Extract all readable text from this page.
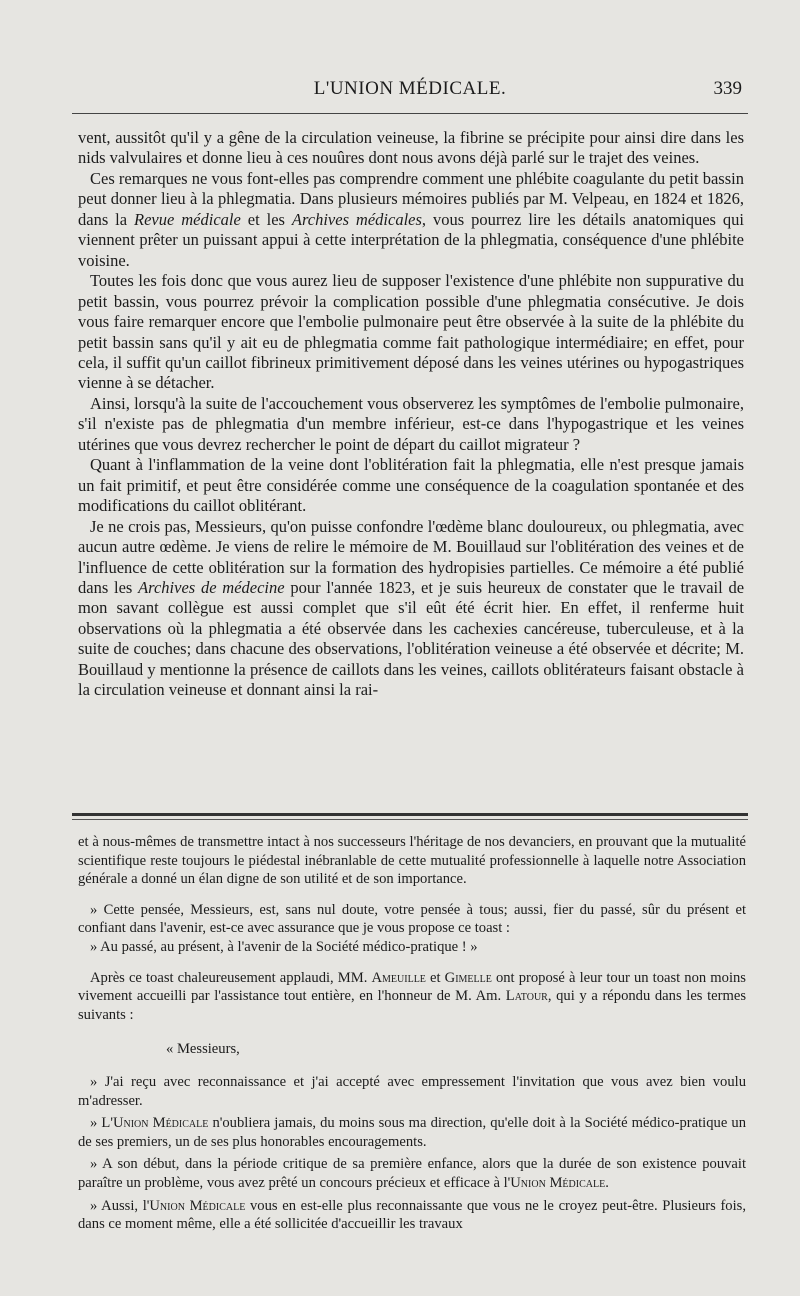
L'UNION MÉDICALE.	339

vent, aussitôt qu'il y a gêne de la circulation veineuse, la fibrine se précipite pour ainsi dire dans les nids valvulaires et donne lieu à ces nouûres dont nous avons déjà parlé sur le trajet des veines.

Ces remarques ne vous font-elles pas comprendre comment une phlébite coagulante du petit bassin peut donner lieu à la phlegmatia. Dans plusieurs mémoires publiés par M. Velpeau, en 1824 et 1826, dans la Revue médicale et les Archives médicales, vous pourrez lire les détails anatomiques qui viennent prêter un puissant appui à cette interprétation de la phlegmatia, conséquence d'une phlébite voisine.

Toutes les fois donc que vous aurez lieu de supposer l'existence d'une phlébite non suppurative du petit bassin, vous pourrez prévoir la complication possible d'une phlegmatia consécutive. Je dois vous faire remarquer encore que l'embolie pulmonaire peut être observée à la suite de la phlébite du petit bassin sans qu'il y ait eu de phlegmatia comme fait pathologique intermédiaire; en effet, pour cela, il suffit qu'un caillot fibrineux primitivement déposé dans les veines utérines ou hypogastriques vienne à se détacher.

Ainsi, lorsqu'à la suite de l'accouchement vous observerez les symptômes de l'embolie pulmonaire, s'il n'existe pas de phlegmatia d'un membre inférieur, est-ce dans l'hypogastrique et les veines utérines que vous devrez rechercher le point de départ du caillot migrateur ?

Quant à l'inflammation de la veine dont l'oblitération fait la phlegmatia, elle n'est presque jamais un fait primitif, et peut être considérée comme une conséquence de la coagulation spontanée et des modifications du caillot oblitérant.

Je ne crois pas, Messieurs, qu'on puisse confondre l'œdème blanc douloureux, ou phlegmatia, avec aucun autre œdème. Je viens de relire le mémoire de M. Bouillaud sur l'oblitération des veines et de l'influence de cette oblitération sur la formation des hydropisies partielles. Ce mémoire a été publié dans les Archives de médecine pour l'année 1823, et je suis heureux de constater que le travail de mon savant collègue est aussi complet que s'il eût été écrit hier. En effet, il renferme huit observations où la phlegmatia a été observée dans les cachexies cancéreuse, tuberculeuse, et à la suite de couches; dans chacune des observations, l'oblitération veineuse a été observée et décrite; M. Bouillaud y mentionne la présence de caillots dans les veines, caillots oblitérateurs faisant obstacle à la circulation veineuse et donnant ainsi la rai-

et à nous-mêmes de transmettre intact à nos successeurs l'héritage de nos devanciers, en prouvant que la mutualité scientifique reste toujours le piédestal inébranlable de cette mutualité professionnelle à laquelle notre Association générale a donné un élan digne de son utilité et de son importance.

» Cette pensée, Messieurs, est, sans nul doute, votre pensée à tous; aussi, fier du passé, sûr du présent et confiant dans l'avenir, est-ce avec assurance que je vous propose ce toast :

» Au passé, au présent, à l'avenir de la Société médico-pratique ! »

Après ce toast chaleureusement applaudi, MM. Ameuille et Gimelle ont proposé à leur tour un toast non moins vivement accueilli par l'assistance tout entière, en l'honneur de M. Am. Latour, qui y a répondu dans les termes suivants :

« Messieurs,

» J'ai reçu avec reconnaissance et j'ai accepté avec empressement l'invitation que vous avez bien voulu m'adresser.

» L'Union Médicale n'oubliera jamais, du moins sous ma direction, qu'elle doit à la Société médico-pratique un de ses premiers, un de ses plus honorables encouragements.

» A son début, dans la période critique de sa première enfance, alors que la durée de son existence pouvait paraître un problème, vous avez prêté un concours précieux et efficace à l'Union Médicale.

» Aussi, l'Union Médicale vous en est-elle plus reconnaissante que vous ne le croyez peut-être. Plusieurs fois, dans ce moment même, elle a été sollicitée d'accueillir les travaux
